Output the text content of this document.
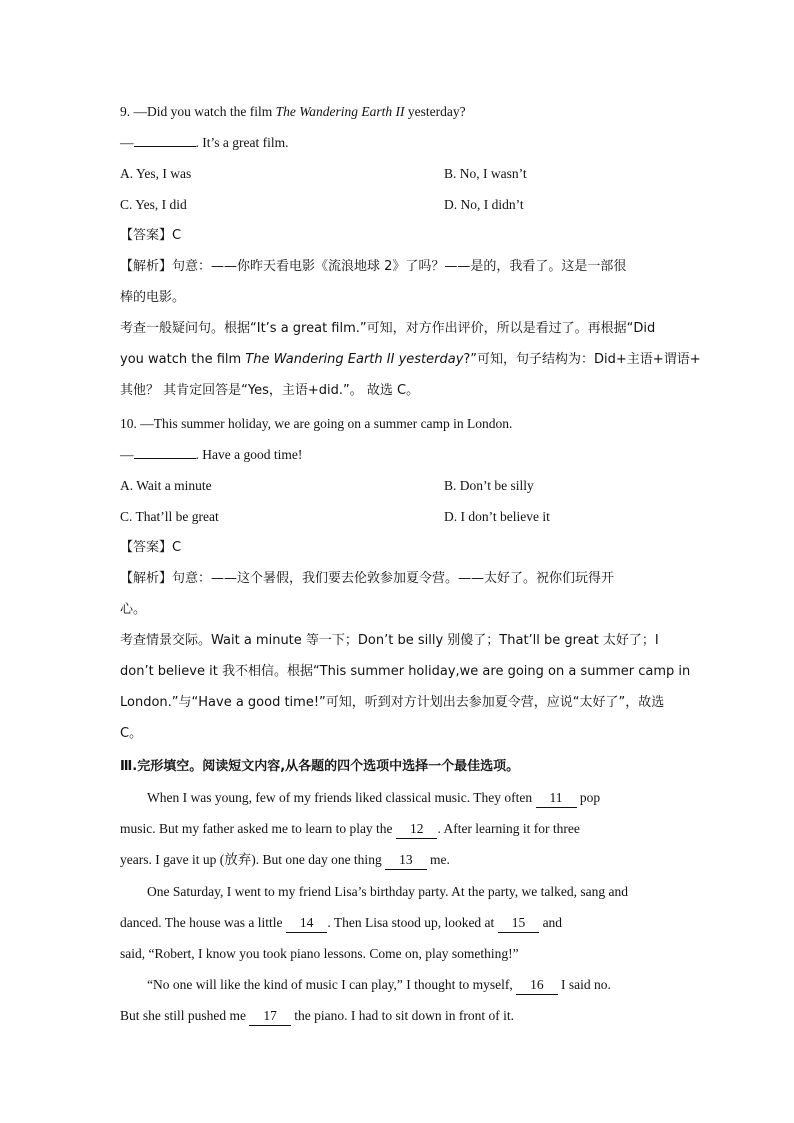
9. —Did you watch the film The Wandering Earth II yesterday?
—	. It’s a great film.
A. Yes, I was	B. No, I wasn’t
C. Yes, I did	D. No, I didn’t
【答案】C
【解析】句意：——你昨天看电影《流浪地球 2》了吗？——是的，我看了。这是一部很
棒的电影。
考查一般疑问句。根据“It’s a great film.”可知，对方作出评价，所以是看过了。再根据“Did
you watch the film The Wandering Earth II yesterday?”可知，句子结构为：Did+主语+谓语+
其他？ 其肯定回答是“Yes，主语+did.”。 故选 C。
10. —This summer holiday, we are going on a summer camp in London.
—	. Have a good time!
A. Wait a minute	B. Don’t be silly
C. That’ll be great	D. I don’t believe it
【答案】C
【解析】句意：——这个暑假，我们要去伦敦参加夏令营。——太好了。祝你们玩得开
心。
考查情景交际。Wait a minute 等一下；Don’t be silly 别傻了；That’ll be great 太好了；I
don’t believe it 我不相信。根据“This summer holiday,we are going on a summer camp in
London.”与“Have a good time!”可知，听到对方计划出去参加夏令营，应说“太好了”，故选
C。
Ⅲ.完形填空。阅读短文内容,从各题的四个选项中选择一个最佳选项。
When I was young, few of my friends liked classical music. They often 11 pop
music. But my father asked me to learn to play the 12 . After learning it for three
years. I gave it up (放弃). But one day one thing 13 me.
One Saturday, I went to my friend Lisa’s birthday party. At the party, we talked, sang and
danced. The house was a little 14 . Then Lisa stood up, looked at 15 and
said, “Robert, I know you took piano lessons. Come on, play something!”
“No one will like the kind of music I can play,” I thought to myself, 16 I said no.
But she still pushed me 17 the piano. I had to sit down in front of it.
